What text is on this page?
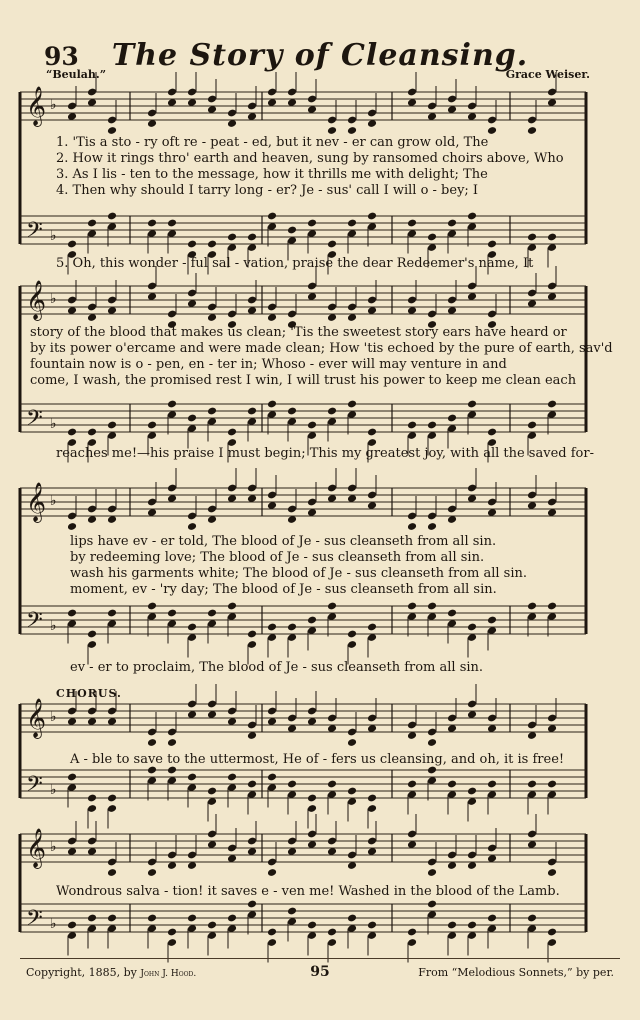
93	The Story of Cleansing.
“Beulah.”	Grace Weiser.
𝄞 ♭
𝄢 ♭
1. 'Tis a sto - ry oft re - peat - ed, but it nev - er can grow old, The
2. How it rings thro' earth and heaven, sung by ransomed choirs above, Who
3. As I lis - ten to the message, how it thrills me with delight; The
4. Then why should I tarry long - er? Je - sus' call I will o - bey; I
5. Oh, this wonder - ful sal - vation, praise the dear Redeemer's name, It
𝄞 ♭
𝄢 ♭
story of the blood that makes us clean; 'Tis the sweetest story ears have heard or
by its power o'ercame and were made clean; How 'tis echoed by the pure of earth, sav'd
fountain now is o - pen, en - ter in; Whoso - ever will may venture in and
come, I wash, the promised rest I win, I will trust his power to keep me clean each
reaches me!—his praise I must begin; This my greatest joy, with all the saved for-
𝄞 ♭
𝄢 ♭
lips have ev - er told, The blood of Je - sus cleanseth from all sin.
by redeeming love; The blood of Je - sus cleanseth from all sin.
wash his garments white; The blood of Je - sus cleanseth from all sin.
moment, ev - 'ry day; The blood of Je - sus cleanseth from all sin.
ev - er to proclaim, The blood of Je - sus cleanseth from all sin.
CHORUS.
𝄞 ♭
𝄢 ♭
A - ble to save to the uttermost, He of - fers us cleansing, and oh, it is free!
𝄞 ♭
𝄢 ♭
Wondrous salva - tion! it saves e - ven me! Washed in the blood of the Lamb.
Copyright, 1885, by John J. Hood.	95	From “Melodious Sonnets,” by per.
